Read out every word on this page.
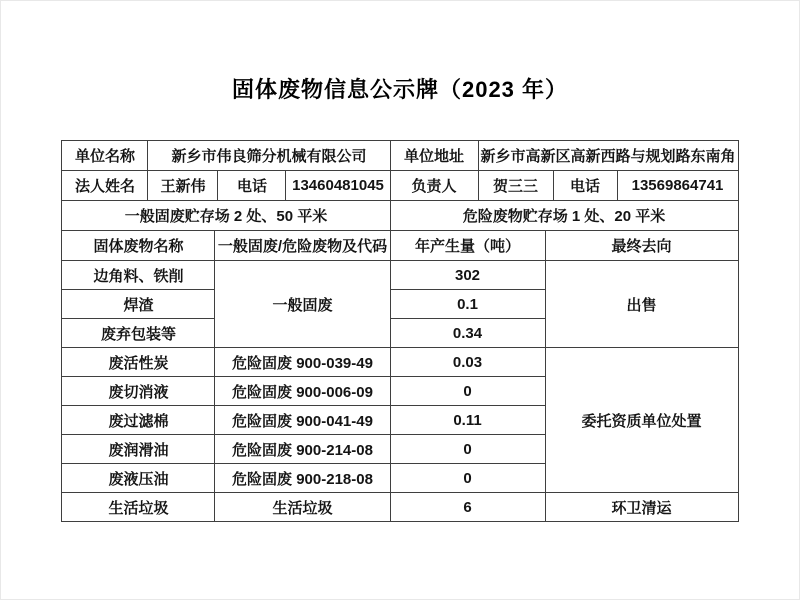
固体废物信息公示牌（2023 年）
单位名称	新乡市伟良筛分机械有限公司				单位地址	新乡市高新区高新西路与规划路东南角			
法人姓名	王新伟		电话	13460481045	负责人	贺三三		电话	13569864741
一般固废贮存场 2 处、50 平米					危险废物贮存场 1 处、20 平米				
固体废物名称		一般固废/危险废物及代码			年产生量（吨）		最终去向		
边角料、铁削		一般固废			302		出售		
焊渣					0.1				
废弃包装等					0.34				
废活性炭		危险固废 900-039-49			0.03		委托资质单位处置		
废切消液		危险固废 900-006-09			0				
废过滤棉		危险固废 900-041-49			0.11				
废润滑油		危险固废 900-214-08			0				
废液压油		危险固废 900-218-08			0				
生活垃圾		生活垃圾			6		环卫清运		
